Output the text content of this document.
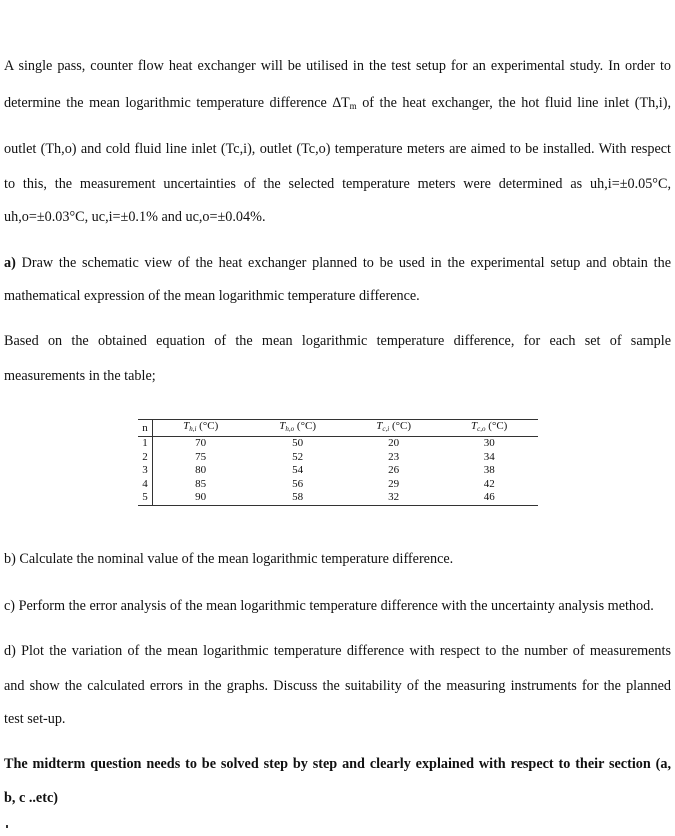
A single pass, counter flow heat exchanger will be utilised in the test setup for an experimental study. In order to

determine the mean logarithmic temperature difference $\Delta T_m$ of the heat exchanger, the hot fluid line inlet (Th,i),

outlet (Th,o) and cold fluid line inlet (Tc,i), outlet (Tc,o) temperature meters are aimed to be installed. With respect

to this, the measurement uncertainties of the selected temperature meters were determined as uh,i=±0.05°C,

uh,o=±0.03°C, uc,i=±0.1% and uc,o=±0.04%.

a) Draw the schematic view of the heat exchanger planned to be used in the experimental setup and obtain the

mathematical expression of the mean logarithmic temperature difference.

Based on the obtained equation of the mean logarithmic temperature difference, for each set of sample

measurements in the table;

n	$T_{h,i}$ (°C)	$T_{h,o}$ (°C)	$T_{c,i}$ (°C)	$T_{c,o}$ (°C)
1	70	50	20	30
2	75	52	23	34
3	80	54	26	38
4	85	56	29	42
5	90	58	32	46

b) Calculate the nominal value of the mean logarithmic temperature difference.

c) Perform the error analysis of the mean logarithmic temperature difference with the uncertainty analysis method.

d) Plot the variation of the mean logarithmic temperature difference with respect to the number of measurements

and show the calculated errors in the graphs. Discuss the suitability of the measuring instruments for the planned

test set-up.

The midterm question needs to be solved step by step and clearly explained with respect to their section (a,

b, c ..etc)
